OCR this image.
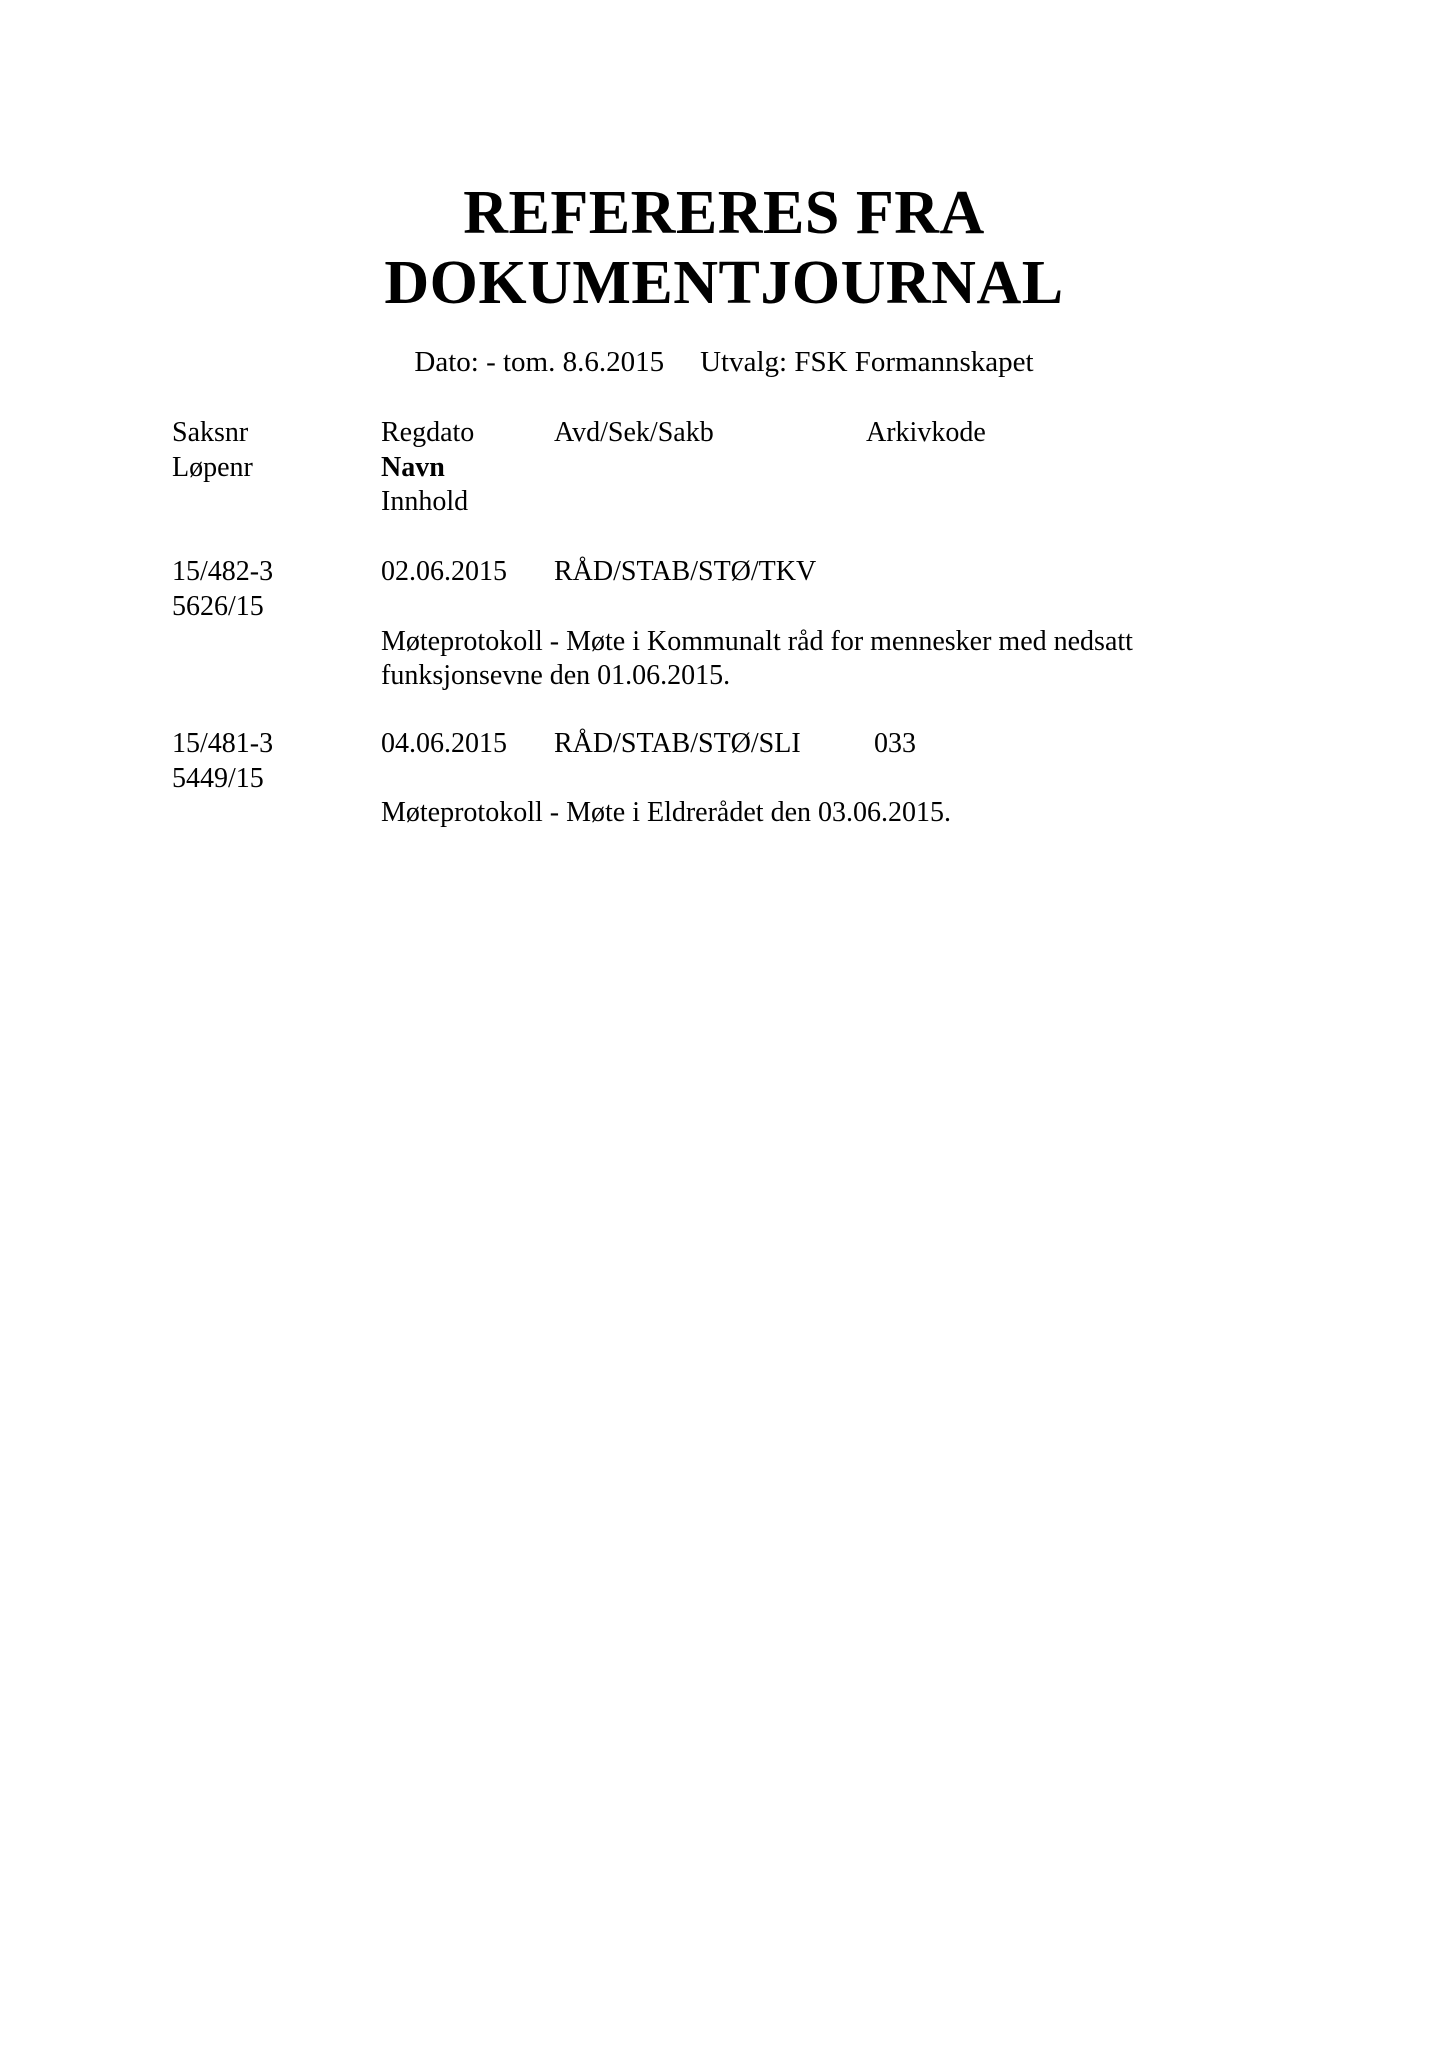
REFERERES FRA
DOKUMENTJOURNAL
Dato: - tom. 8.6.2015 Utvalg: FSK Formannskapet
Saksnr	Regdato	Avd/Sek/Sakb	Arkivkode
Løpenr	Navn
Innhold
15/482-3	02.06.2015 RÅD/STAB/STØ/TKV
5626/15
Møteprotokoll - Møte i Kommunalt råd for mennesker med nedsatt funksjonsevne den 01.06.2015.
15/481-3	04.06.2015 RÅD/STAB/STØ/SLI	033
5449/15
Møteprotokoll - Møte i Eldrerådet den 03.06.2015.
